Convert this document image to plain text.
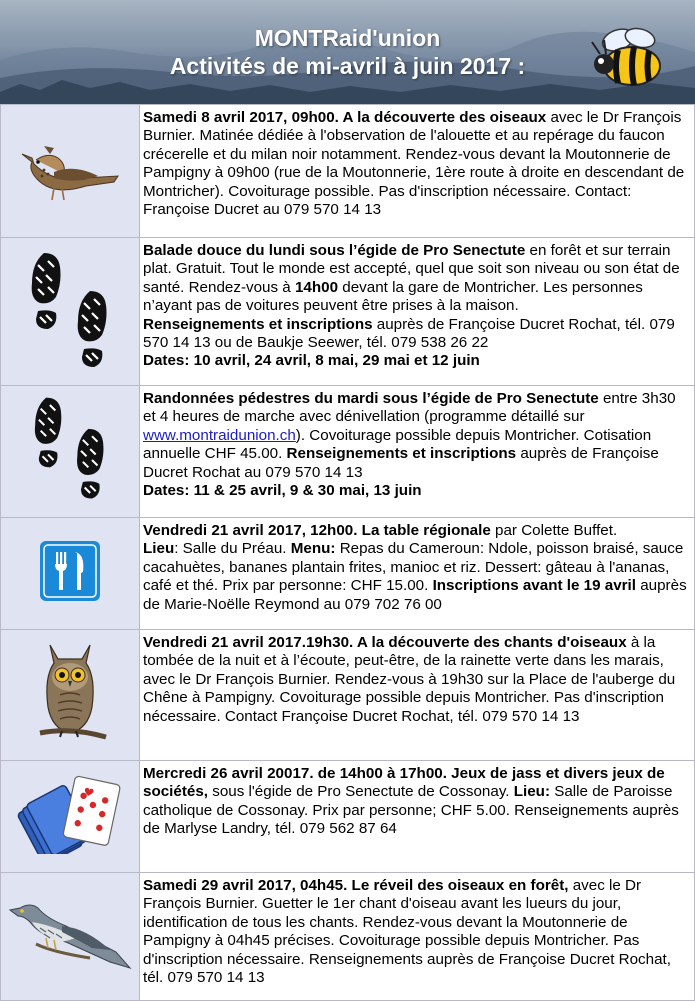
MONTRaid'union
Activités de mi-avril à juin 2017 :
	Samedi 8 avril 2017, 09h00. A la découverte des oiseaux avec le Dr François Burnier. Matinée dédiée à l'observation de l'alouette et au repérage du faucon crécerelle et du milan noir notamment. Rendez-vous devant la Moutonnerie de Pampigny à 09h00 (rue de la Moutonnerie, 1ère route à droite en descendant de Montricher). Covoiturage possible. Pas d'inscription nécessaire. Contact: Françoise Ducret au 079 570 14 13
	Balade douce du lundi sous l’égide de Pro Senectute en forêt et sur terrain plat. Gratuit. Tout le monde est accepté, quel que soit son niveau ou son état de santé. Rendez-vous à 14h00 devant la gare de Montricher. Les personnes n’ayant pas de voitures peuvent être prises à la maison.
Renseignements et inscriptions auprès de Françoise Ducret Rochat, tél. 079 570 14 13 ou de Baukje Seewer, tél. 079 538 26 22
Dates: 10 avril, 24 avril, 8 mai, 29 mai et 12 juin
	Randonnées pédestres du mardi sous l’égide de Pro Senectute entre 3h30 et 4 heures de marche avec dénivellation (programme détaillé sur www.montraidunion.ch). Covoiturage possible depuis Montricher. Cotisation annuelle CHF 45.00. Renseignements et inscriptions auprès de Françoise Ducret Rochat au 079 570 14 13
Dates: 11 & 25 avril, 9 & 30 mai, 13 juin
	Vendredi 21 avril 2017, 12h00. La table régionale par Colette Buffet.
Lieu: Salle du Préau. Menu: Repas du Cameroun: Ndole, poisson braisé, sauce cacahuètes, bananes plantain frites, manioc et riz. Dessert: gâteau à l'ananas, café et thé. Prix par personne: CHF 15.00. Inscriptions avant le 19 avril auprès de Marie-Noëlle Reymond au 079 702 76 00
	Vendredi 21 avril 2017.19h30. A la découverte des chants d'oiseaux à la tombée de la nuit et à l’écoute, peut-être, de la rainette verte dans les marais, avec le Dr François Burnier. Rendez-vous à 19h30 sur la Place de l'auberge du Chêne à Pampigny. Covoiturage possible depuis Montricher. Pas d'inscription nécessaire. Contact Françoise Ducret Rochat, tél. 079 570 14 13
	Mercredi 26 avril 20017. de 14h00 à 17h00. Jeux de jass et divers jeux de sociétés, sous l'égide de Pro Senectute de Cossonay. Lieu: Salle de Paroisse catholique de Cossonay. Prix par personne; CHF 5.00. Renseignements auprès de Marlyse Landry, tél. 079 562 87 64
	Samedi 29 avril 2017, 04h45. Le réveil des oiseaux en forêt, avec le Dr François Burnier. Guetter le 1er chant d'oiseau avant les lueurs du jour, identification de tous les chants. Rendez-vous devant la Moutonnerie de Pampigny à 04h45 précises. Covoiturage possible depuis Montricher. Pas d'inscription nécessaire. Renseignements auprès de Françoise Ducret Rochat, tél. 079 570 14 13
